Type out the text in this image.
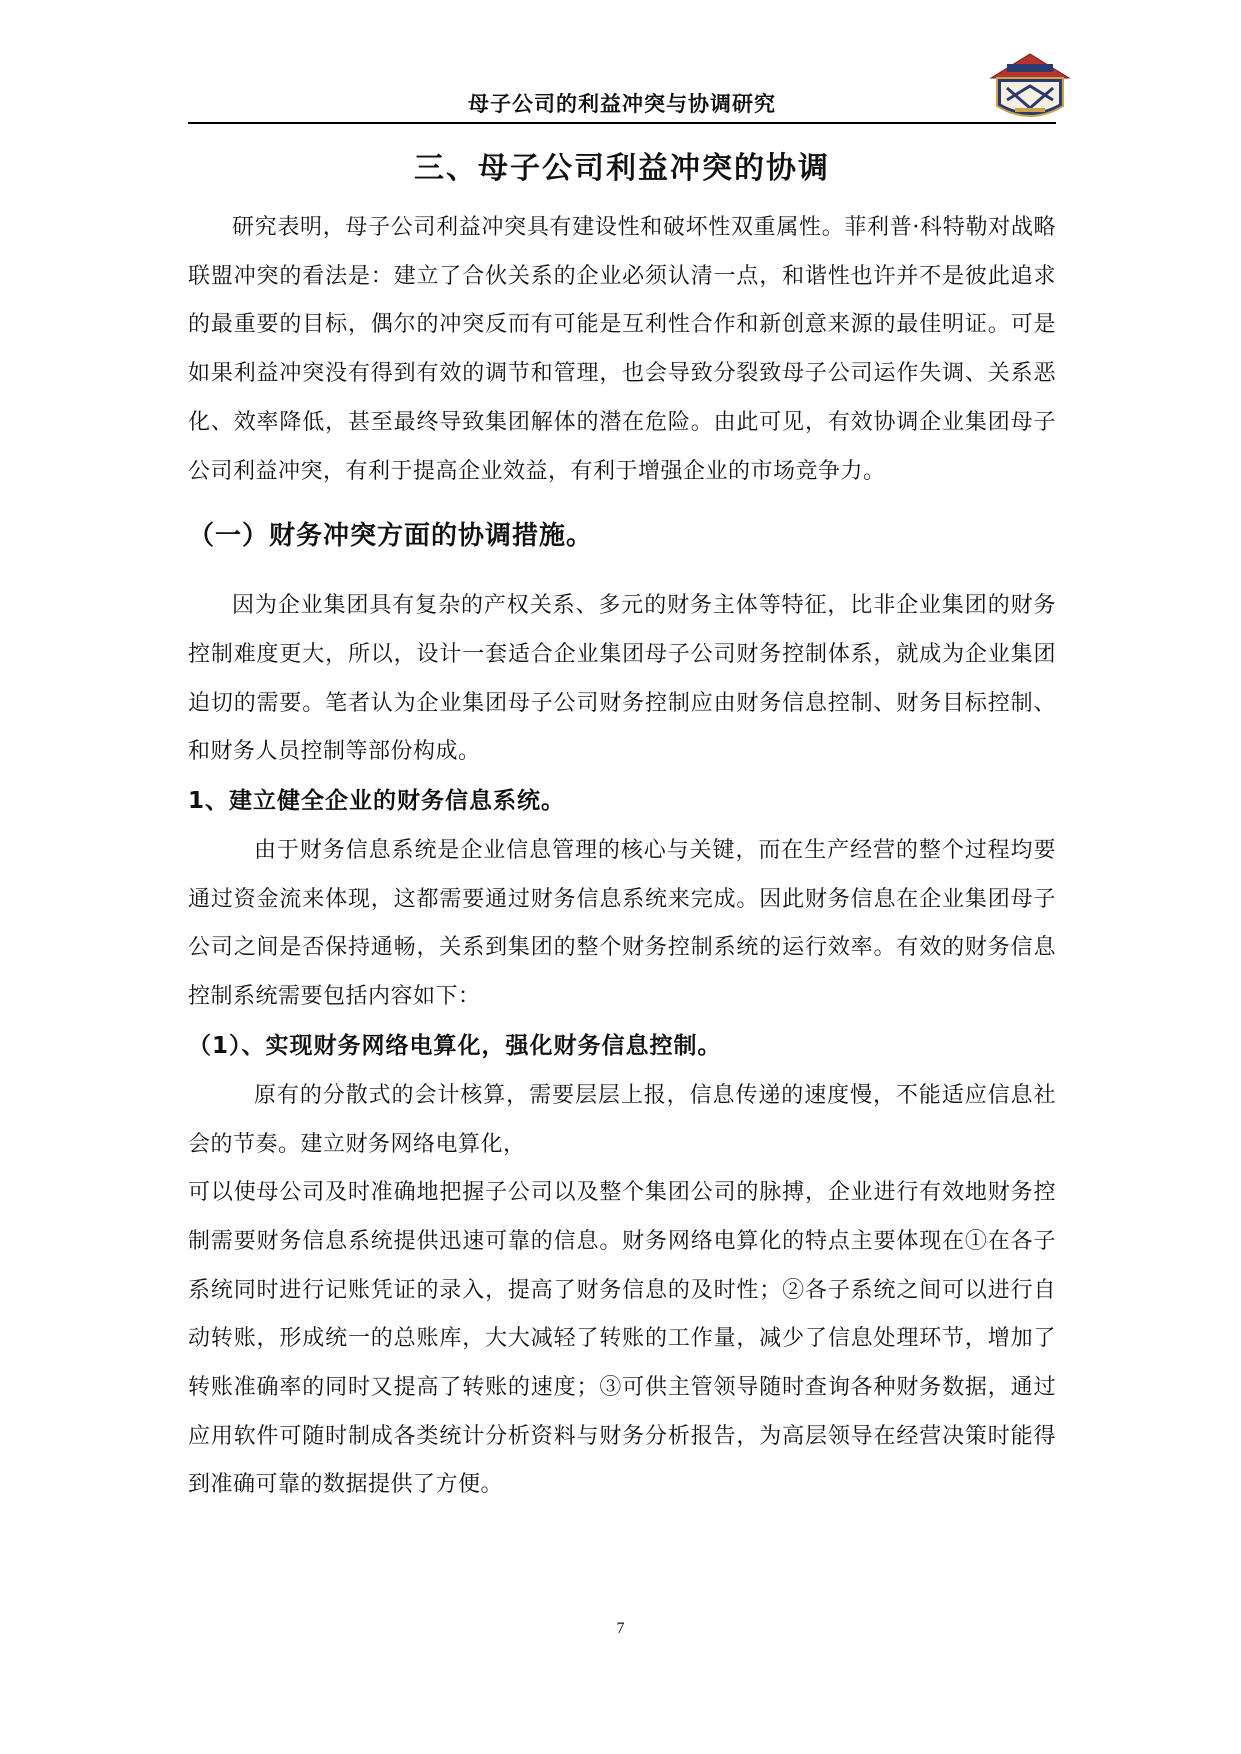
母子公司的利益冲突与协调研究
三、母子公司利益冲突的协调

研究表明，母子公司利益冲突具有建设性和破坏性双重属性。菲利普·科特勒对战略联盟冲突的看法是：建立了合伙关系的企业必须认清一点，和谐性也许并不是彼此追求的最重要的目标，偶尔的冲突反而有可能是互利性合作和新创意来源的最佳明证。可是如果利益冲突没有得到有效的调节和管理，也会导致分裂致母子公司运作失调、关系恶化、效率降低，甚至最终导致集团解体的潜在危险。由此可见，有效协调企业集团母子公司利益冲突，有利于提高企业效益，有利于增强企业的市场竞争力。

（一）财务冲突方面的协调措施。

因为企业集团具有复杂的产权关系、多元的财务主体等特征，比非企业集团的财务控制难度更大，所以，设计一套适合企业集团母子公司财务控制体系，就成为企业集团迫切的需要。笔者认为企业集团母子公司财务控制应由财务信息控制、财务目标控制、和财务人员控制等部份构成。

1、建立健全企业的财务信息系统。

由于财务信息系统是企业信息管理的核心与关键，而在生产经营的整个过程均要通过资金流来体现，这都需要通过财务信息系统来完成。因此财务信息在企业集团母子公司之间是否保持通畅，关系到集团的整个财务控制系统的运行效率。有效的财务信息控制系统需要包括内容如下：

（1）、实现财务网络电算化，强化财务信息控制。

原有的分散式的会计核算，需要层层上报，信息传递的速度慢，不能适应信息社会的节奏。建立财务网络电算化，

可以使母公司及时准确地把握子公司以及整个集团公司的脉搏，企业进行有效地财务控制需要财务信息系统提供迅速可靠的信息。财务网络电算化的特点主要体现在①在各子系统同时进行记账凭证的录入，提高了财务信息的及时性；②各子系统之间可以进行自动转账，形成统一的总账库，大大减轻了转账的工作量，减少了信息处理环节，增加了转账准确率的同时又提高了转账的速度；③可供主管领导随时查询各种财务数据，通过应用软件可随时制成各类统计分析资料与财务分析报告，为高层领导在经营决策时能得到准确可靠的数据提供了方便。

7
